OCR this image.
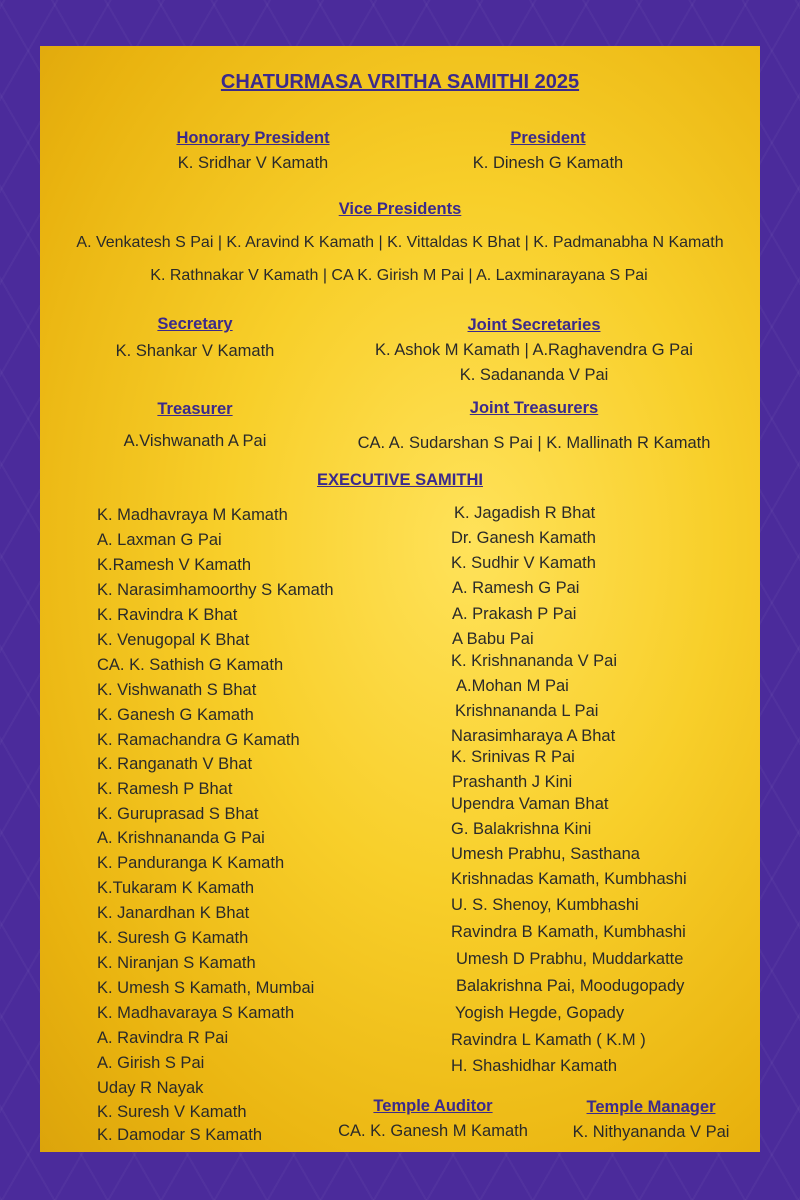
CHATURMASA VRITHA SAMITHI 2025
Honorary President
K. Sridhar V Kamath
President
K. Dinesh G Kamath
Vice Presidents
A. Venkatesh S Pai | K. Aravind K Kamath | K. Vittaldas K Bhat | K. Padmanabha N Kamath
K. Rathnakar V Kamath | CA K. Girish M Pai | A. Laxminarayana S Pai
Secretary
K. Shankar V Kamath
Joint Secretaries
K. Ashok M Kamath | A.Raghavendra G Pai
K. Sadananda V Pai
Treasurer
A.Vishwanath A Pai
Joint Treasurers
CA. A. Sudarshan S Pai | K. Mallinath R Kamath
EXECUTIVE SAMITHI
K. Madhavraya M Kamath
A. Laxman G Pai
K.Ramesh V Kamath
K. Narasimhamoorthy S Kamath
K. Ravindra K Bhat
K. Venugopal K Bhat
CA. K. Sathish G Kamath
K. Vishwanath S Bhat
K. Ganesh G Kamath
K. Ramachandra G Kamath
K. Ranganath V Bhat
K. Ramesh P Bhat
K. Guruprasad S Bhat
A. Krishnananda G Pai
K. Panduranga K Kamath
K.Tukaram K Kamath
K. Janardhan K Bhat
K. Suresh G Kamath
K. Niranjan S Kamath
K. Umesh S Kamath, Mumbai
K. Madhavaraya S Kamath
A. Ravindra R Pai
A. Girish S Pai
Uday R Nayak
K. Suresh V Kamath
K. Damodar S Kamath
K. Jagadish R Bhat
Dr. Ganesh Kamath
K. Sudhir V Kamath
A. Ramesh G Pai
A. Prakash P Pai
A Babu Pai
K. Krishnananda V Pai
A.Mohan M Pai
Krishnananda L Pai
Narasimharaya A Bhat
K. Srinivas R Pai
Prashanth J Kini
Upendra Vaman Bhat
G. Balakrishna Kini
Umesh Prabhu, Sasthana
Krishnadas Kamath, Kumbhashi
U. S. Shenoy, Kumbhashi
Ravindra B Kamath, Kumbhashi
Umesh D Prabhu, Muddarkatte
Balakrishna Pai, Moodugopady
Yogish Hegde, Gopady
Ravindra L Kamath ( K.M )
H. Shashidhar Kamath
Temple Auditor
CA. K. Ganesh M Kamath
Temple Manager
K. Nithyananda V Pai
